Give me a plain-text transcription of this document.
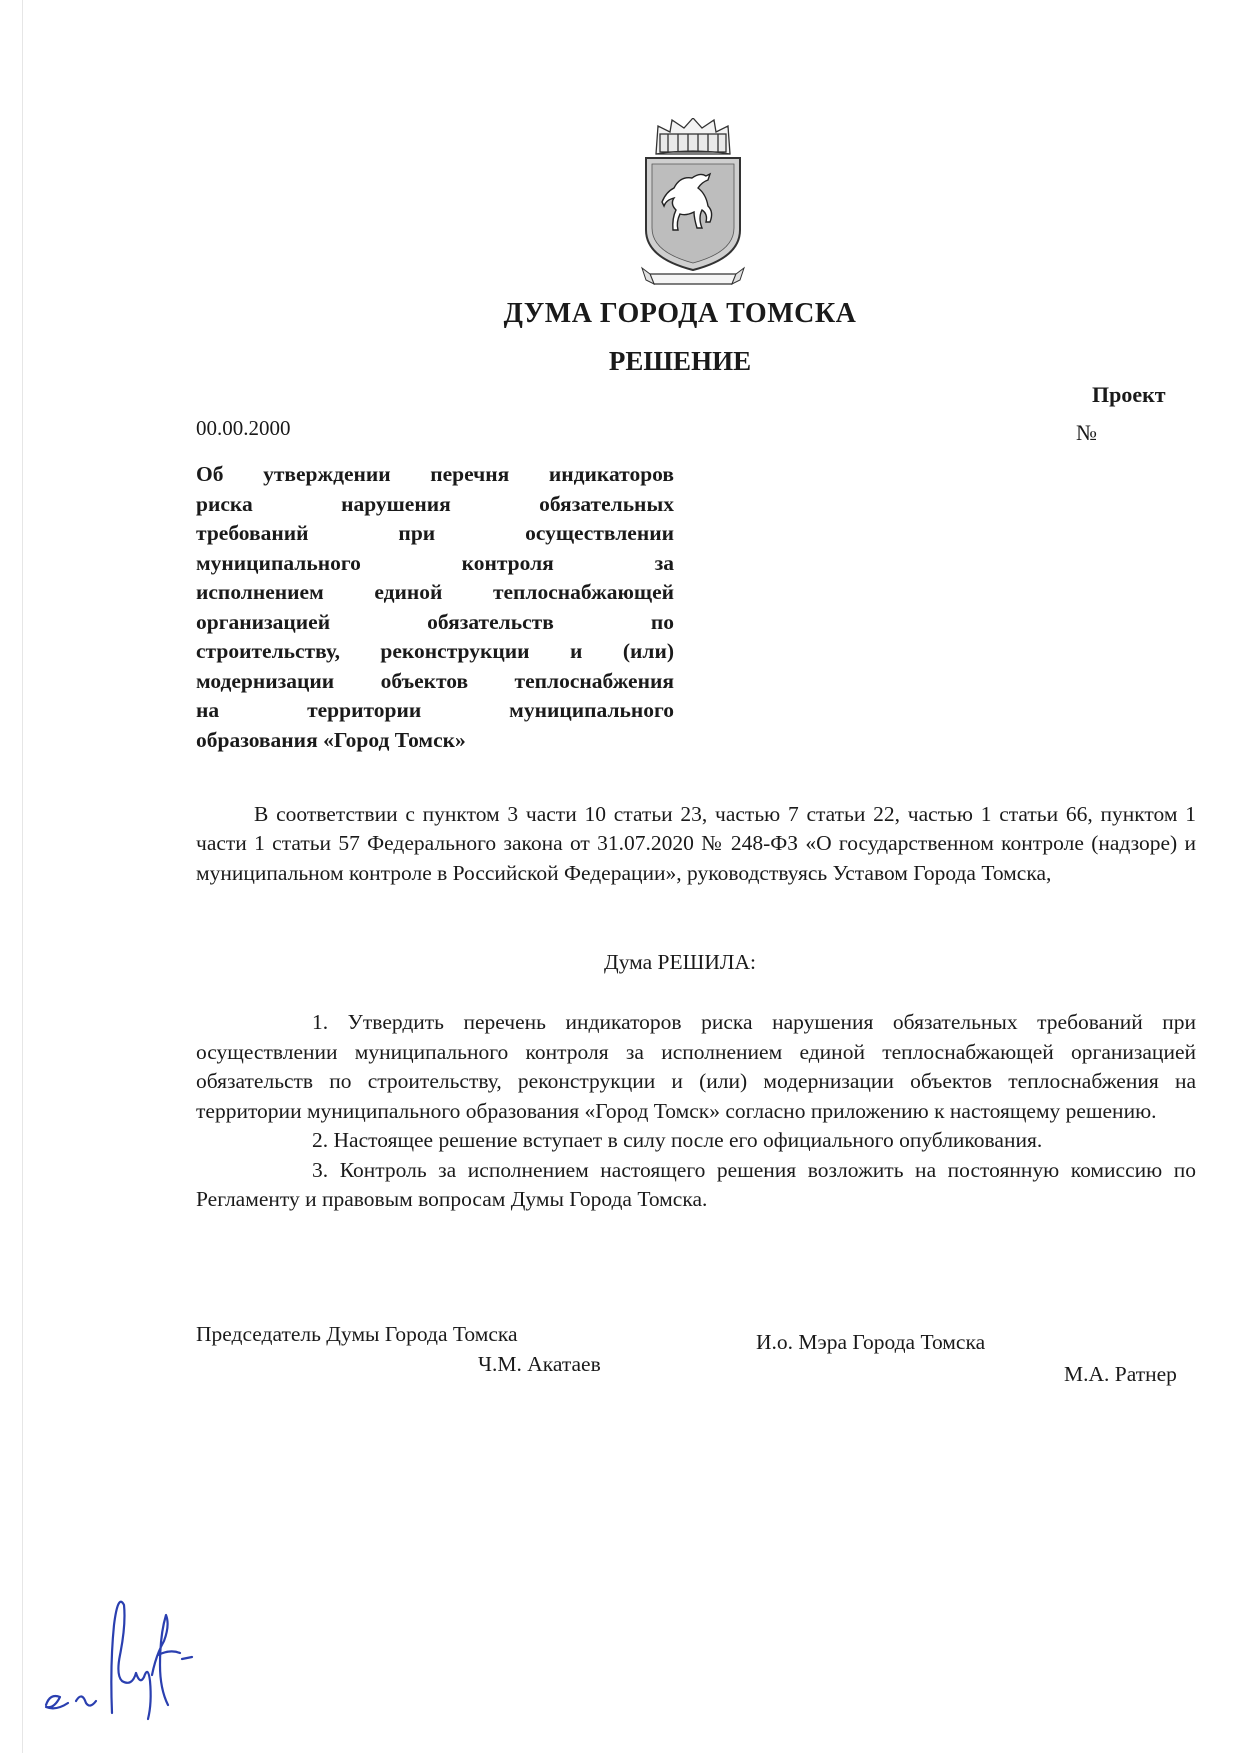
ДУМА ГОРОДА ТОМСКА
РЕШЕНИЕ
Проект
№
00.00.2000
Об утверждении перечня индикаторов
риска нарушения обязательных
требований при осуществлении
муниципального контроля за
исполнением единой теплоснабжающей
организацией обязательств по
строительству, реконструкции и (или)
модернизации объектов теплоснабжения
на территории муниципального
образования «Город Томск»

В соответствии с пунктом 3 части 10 статьи 23, частью 7 статьи 22, частью 1 статьи 66, пунктом 1 части 1 статьи 57 Федерального закона от 31.07.2020 № 248-ФЗ «О государственном контроле (надзоре) и муниципальном контроле в Российской Федерации», руководствуясь Уставом Города Томска,

Дума РЕШИЛА:

1. Утвердить перечень индикаторов риска нарушения обязательных требований при осуществлении муниципального контроля за исполнением единой теплоснабжающей организацией обязательств по строительству, реконструкции и (или) модернизации объектов теплоснабжения на территории муниципального образования «Город Томск» согласно приложению к настоящему решению.

2. Настоящее решение вступает в силу после его официального опубликования.

3. Контроль за исполнением настоящего решения возложить на постоянную комиссию по Регламенту и правовым вопросам Думы Города Томска.

Председатель Думы Города Томска
Ч.М. Акатаев
И.о. Мэра Города Томска
М.А. Ратнер
